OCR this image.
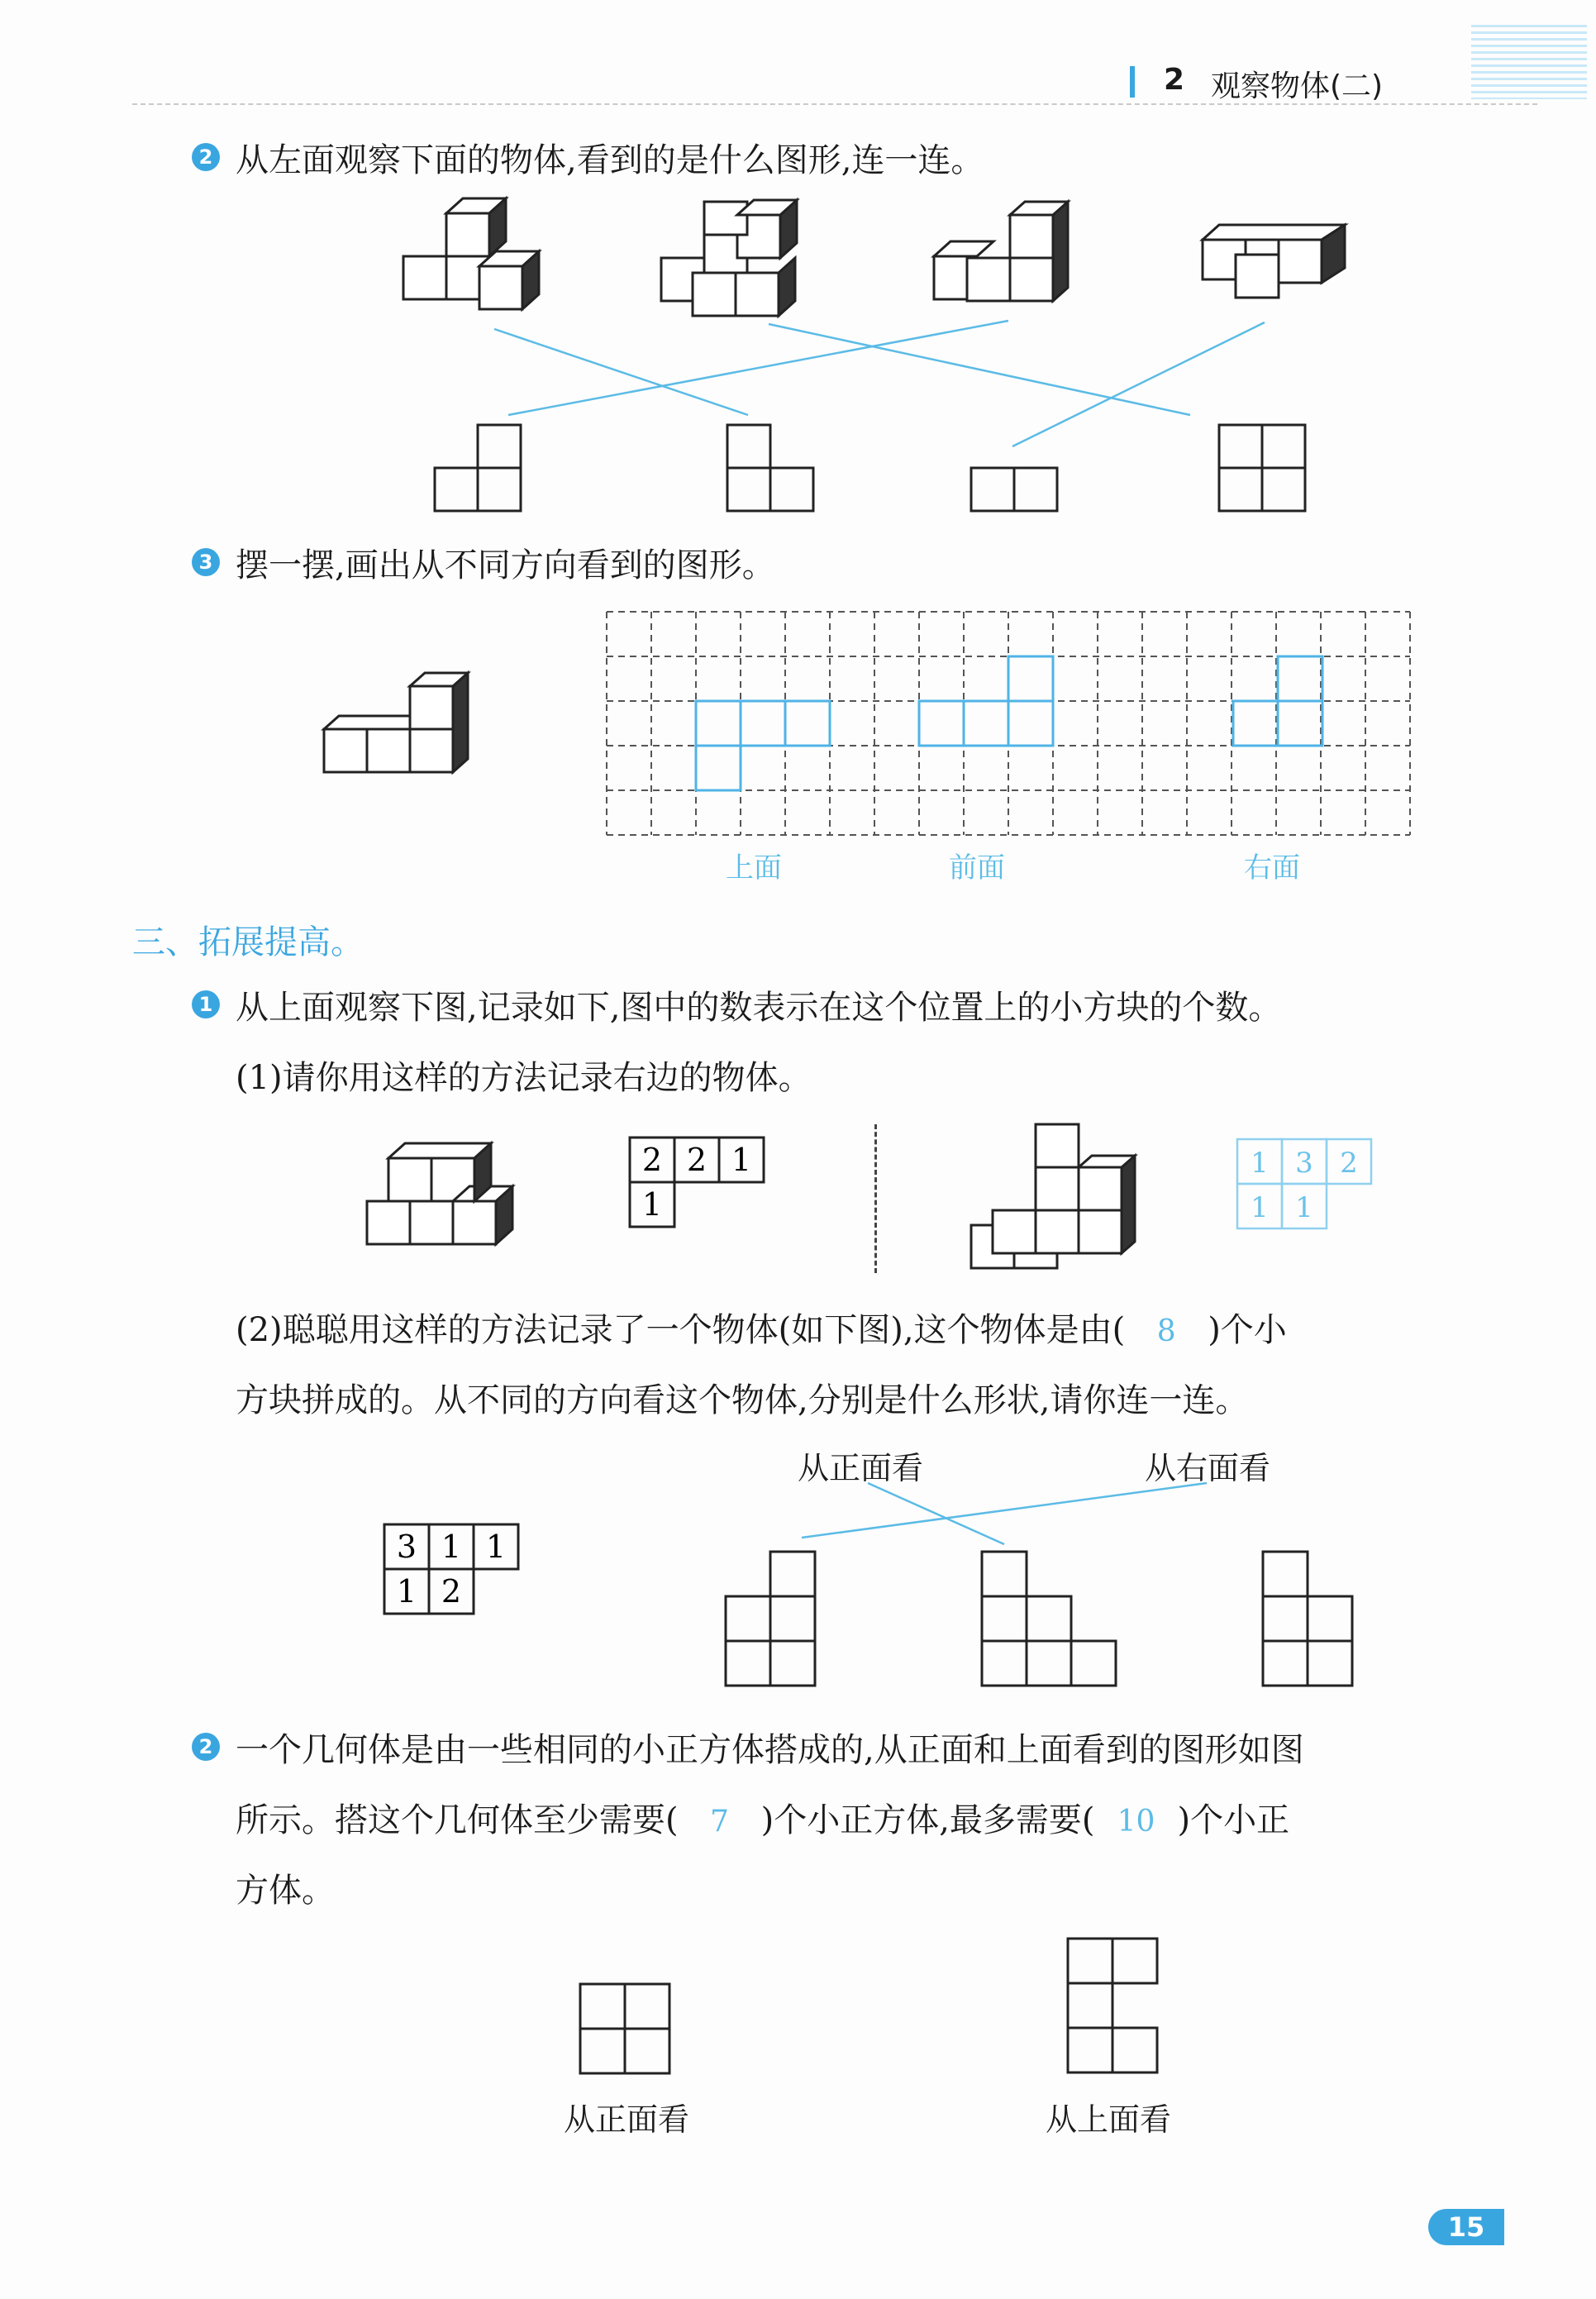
2 观察物体(二)
2 从左面观察下面的物体,看到的是什么图形,连一连。
3 摆一摆,画出从不同方向看到的图形。
上面	前面	右面
三、拓展提高。
1 从上面观察下图,记录如下,图中的数表示在这个位置上的小方块的个数。
(1)请你用这样的方法记录右边的物体。
2 2 1
1
1 3 2
1 1
(2)聪聪用这样的方法记录了一个物体(如下图),这个物体是由( 8 )个小
方块拼成的。从不同的方向看这个物体,分别是什么形状,请你连一连。
从正面看	从右面看
3 1 1
1 2
2 一个几何体是由一些相同的小正方体搭成的,从正面和上面看到的图形如图
所示。搭这个几何体至少需要( 7 )个小正方体,最多需要( 10 )个小正
方体。
从正面看	从上面看
15
